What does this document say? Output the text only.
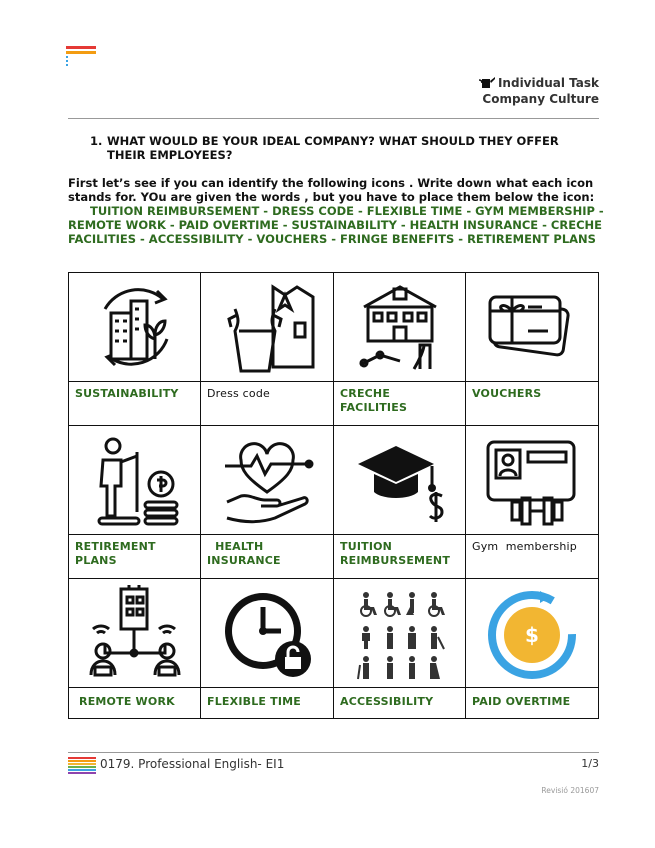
Individual Task
Company Culture
1. WHAT WOULD BE YOUR IDEAL COMPANY? WHAT SHOULD THEY OFFER THEIR EMPLOYEES?
First let’s see if you can identify the following icons . Write down what each icon stands for. YOu are given the words , but you have to place them below the icon: TUITION REIMBURSEMENT - DRESS CODE - FLEXIBLE TIME - GYM MEMBERSHIP - REMOTE WORK - PAID OVERTIME - SUSTAINABILITY - HEALTH INSURANCE - CRECHE FACILITIES - ACCESSIBILITY - VOUCHERS - FRINGE BENEFITS - RETIREMENT PLANS

SUSTAINABILITY	Dress code	CRECHE FACILITIES	VOUCHERS

RETIREMENT PLANS	HEALTH INSURANCE	TUITION REIMBURSEMENT	Gym  membership

$

REMOTE WORK	FLEXIBLE TIME	ACCESSIBILITY	PAID OVERTIME
0179. Professional English- EI1	1/3
Revisió 201607
